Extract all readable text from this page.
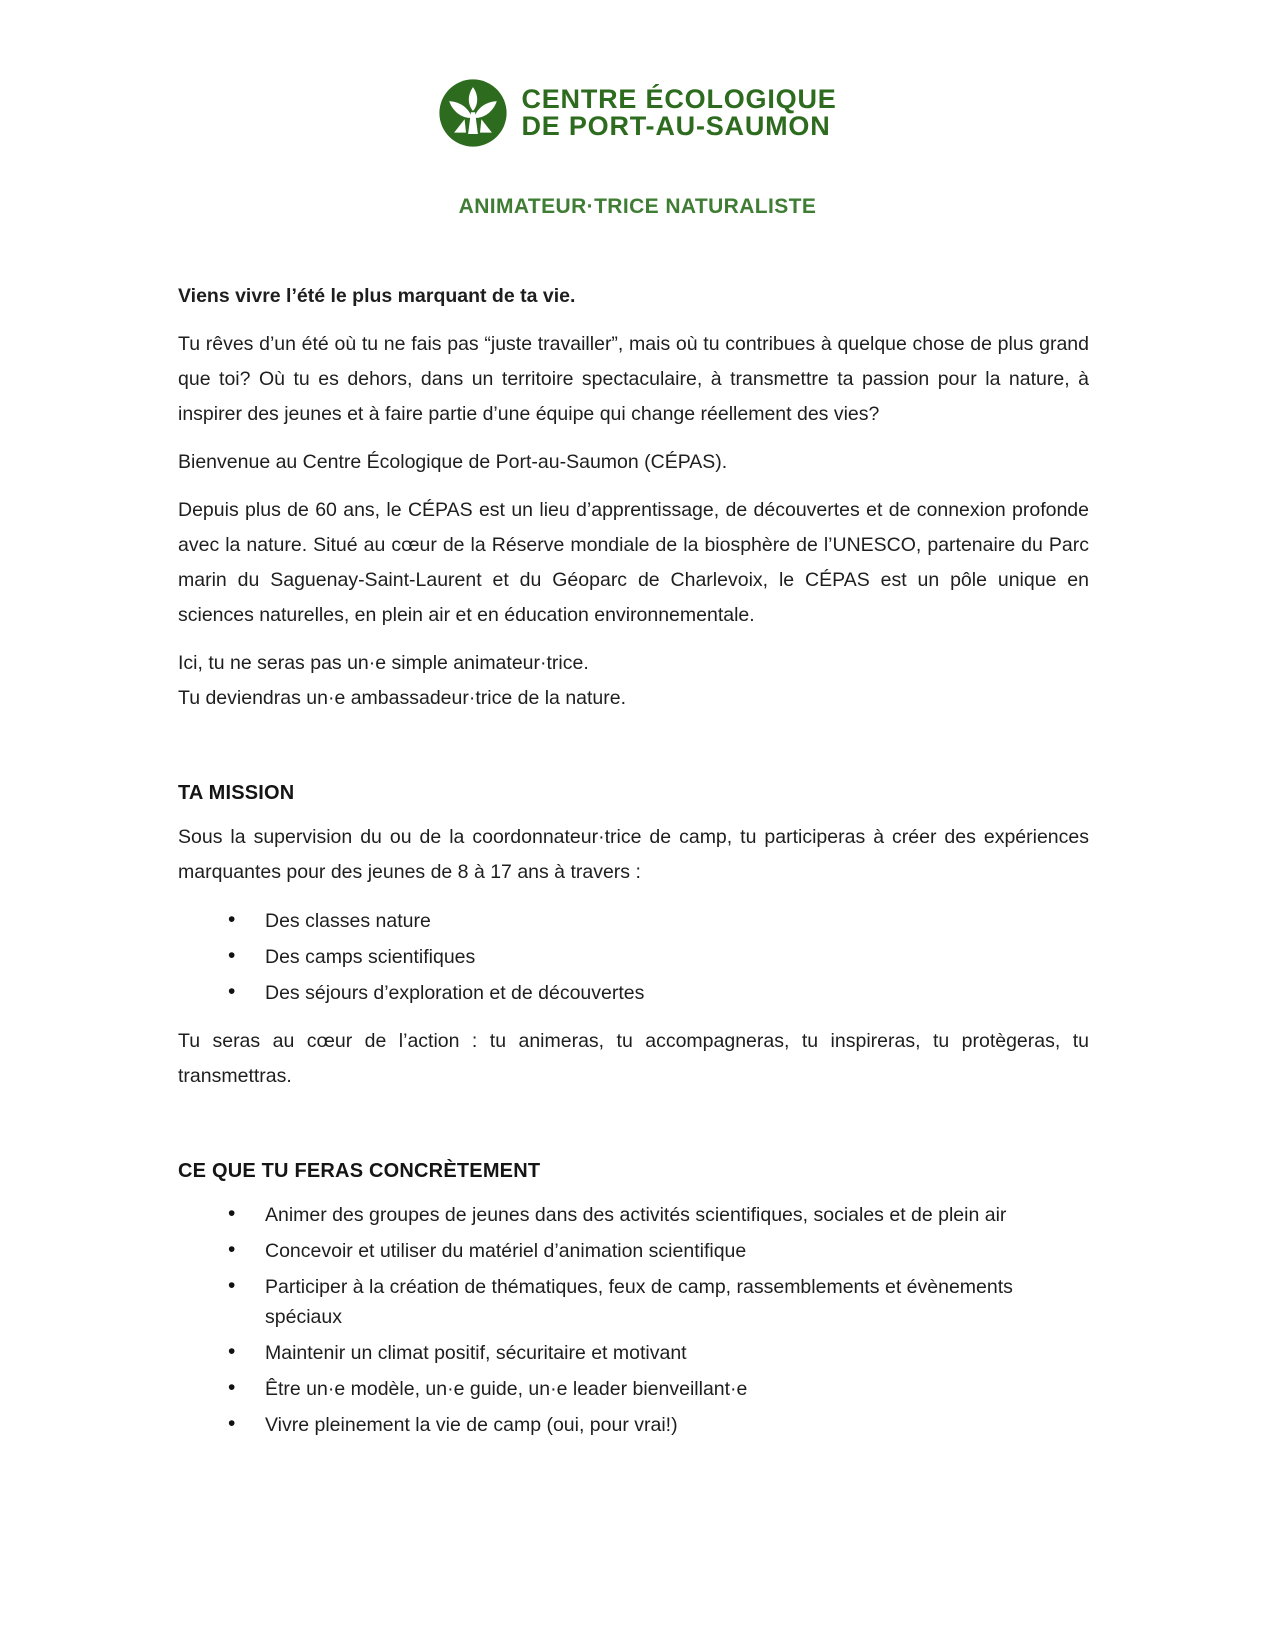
CENTRE ÉCOLOGIQUE
DE PORT-AU-SAUMON
ANIMATEUR·TRICE NATURALISTE

Viens vivre l’été le plus marquant de ta vie.

Tu rêves d’un été où tu ne fais pas “juste travailler”, mais où tu contribues à quelque chose de plus grand que toi? Où tu es dehors, dans un territoire spectaculaire, à transmettre ta passion pour la nature, à inspirer des jeunes et à faire partie d’une équipe qui change réellement des vies?

Bienvenue au Centre Écologique de Port-au-Saumon (CÉPAS).

Depuis plus de 60 ans, le CÉPAS est un lieu d’apprentissage, de découvertes et de connexion profonde avec la nature. Situé au cœur de la Réserve mondiale de la biosphère de l’UNESCO, partenaire du Parc marin du Saguenay-Saint-Laurent et du Géoparc de Charlevoix, le CÉPAS est un pôle unique en sciences naturelles, en plein air et en éducation environnementale.

Ici, tu ne seras pas un·e simple animateur·trice.
Tu deviendras un·e ambassadeur·trice de la nature.

TA MISSION

Sous la supervision du ou de la coordonnateur·trice de camp, tu participeras à créer des expériences marquantes pour des jeunes de 8 à 17 ans à travers :

• Des classes nature
• Des camps scientifiques
• Des séjours d’exploration et de découvertes

Tu seras au cœur de l’action : tu animeras, tu accompagneras, tu inspireras, tu protègeras, tu transmettras.

CE QUE TU FERAS CONCRÈTEMENT
• Animer des groupes de jeunes dans des activités scientifiques, sociales et de plein air
• Concevoir et utiliser du matériel d’animation scientifique
• Participer à la création de thématiques, feux de camp, rassemblements et évènements spéciaux
• Maintenir un climat positif, sécuritaire et motivant
• Être un·e modèle, un·e guide, un·e leader bienveillant·e
• Vivre pleinement la vie de camp (oui, pour vrai!)
